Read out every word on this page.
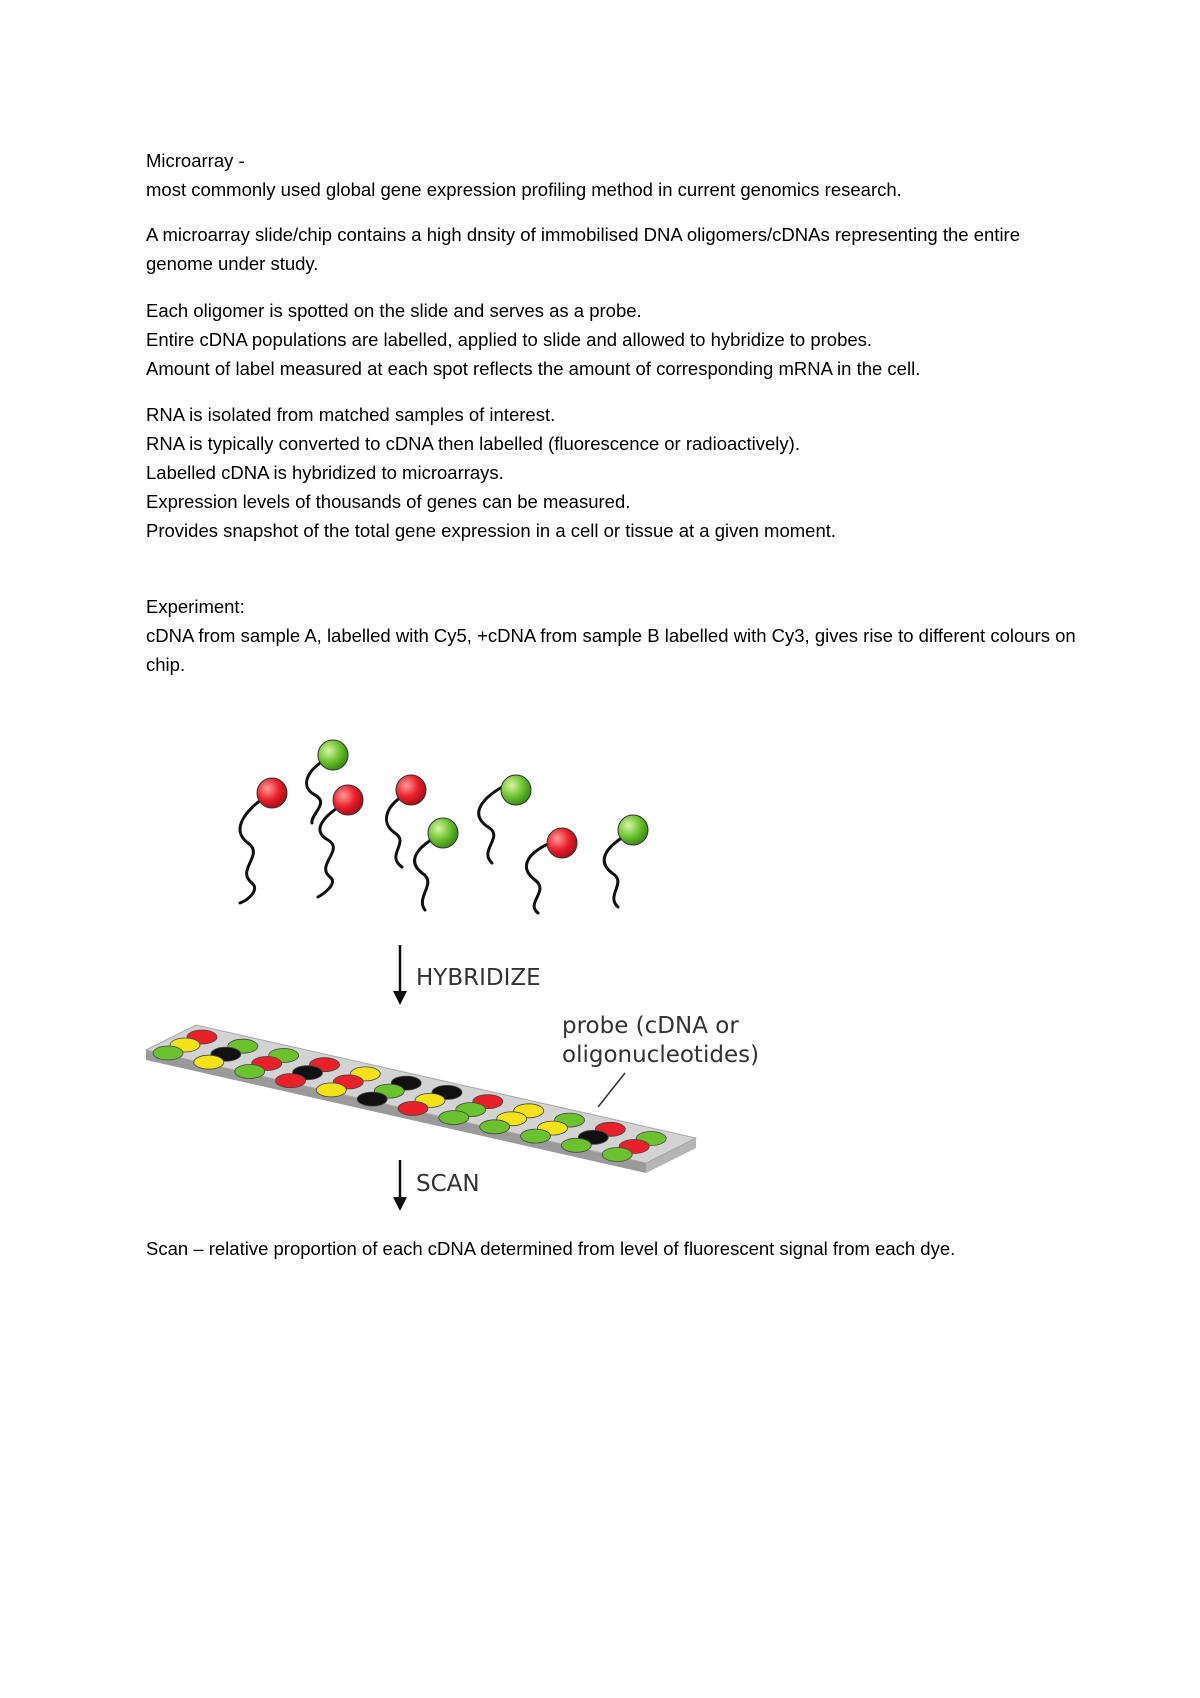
Microarray -

most commonly used global gene expression profiling method in current genomics research.

A microarray slide/chip contains a high dnsity of immobilised DNA oligomers/cDNAs representing the entire genome under study.

Each oligomer is spotted on the slide and serves as a probe.

Entire cDNA populations are labelled, applied to slide and allowed to hybridize to probes.

Amount of label measured at each spot reflects the amount of corresponding mRNA in the cell.

RNA is isolated from matched samples of interest.

RNA is typically converted to cDNA then labelled (fluorescence or radioactively).

Labelled cDNA is hybridized to microarrays.

Expression levels of thousands of genes can be measured.

Provides snapshot of the total gene expression in a cell or tissue at a given moment.

Experiment:

cDNA from sample A, labelled with Cy5, +cDNA from sample B labelled with Cy3, gives rise to different colours on chip.

HYBRIDIZE
probe (cDNA or
oligonucleotides)
SCAN

Scan – relative proportion of each cDNA determined from level of fluorescent signal from each dye.
